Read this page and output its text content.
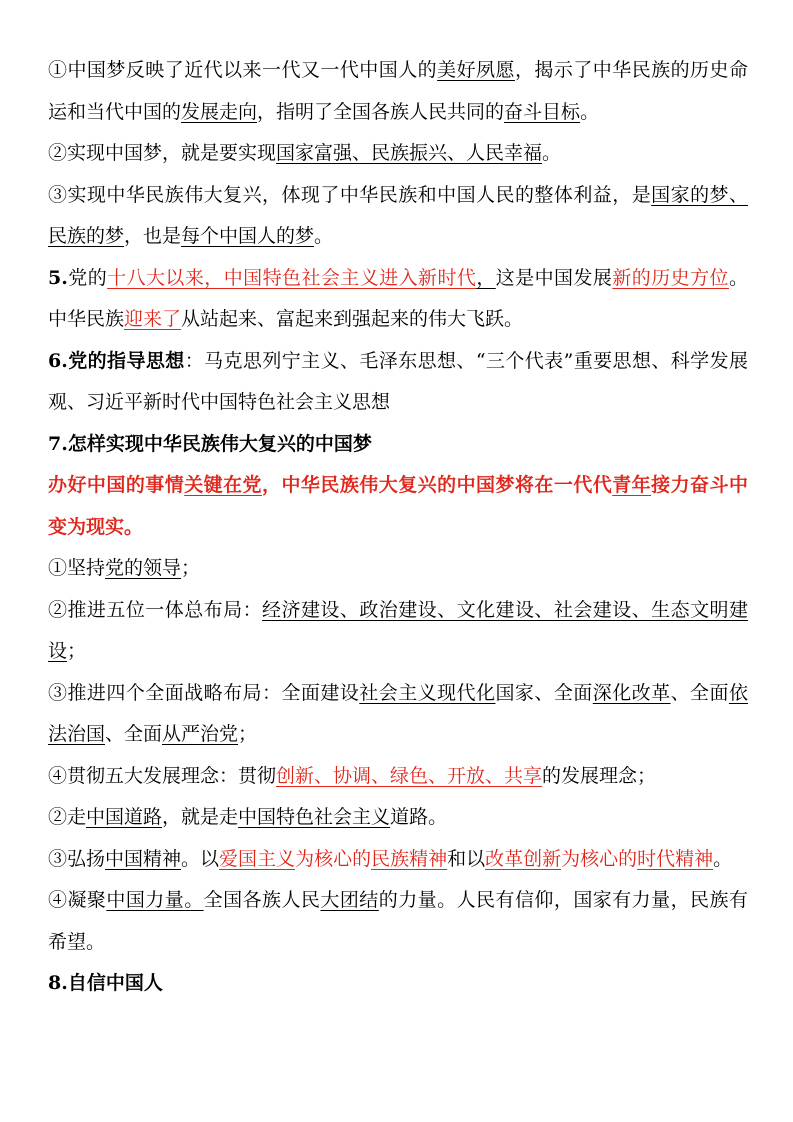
①中国梦反映了近代以来一代又一代中国人的美好夙愿，揭示了中华民族的历史命运和当代中国的发展走向，指明了全国各族人民共同的奋斗目标。

②实现中国梦，就是要实现国家富强、民族振兴、人民幸福。

③实现中华民族伟大复兴，体现了中华民族和中国人民的整体利益，是国家的梦、民族的梦，也是每个中国人的梦。

5.党的十八大以来，中国特色社会主义进入新时代，这是中国发展新的历史方位。中华民族迎来了从站起来、富起来到强起来的伟大飞跃。

6.党的指导思想：马克思列宁主义、毛泽东思想、“三个代表”重要思想、科学发展观、习近平新时代中国特色社会主义思想

7.怎样实现中华民族伟大复兴的中国梦

办好中国的事情关键在党，中华民族伟大复兴的中国梦将在一代代青年接力奋斗中变为现实。

①坚持党的领导；

②推进五位一体总布局：经济建设、政治建设、文化建设、社会建设、生态文明建设；

③推进四个全面战略布局：全面建设社会主义现代化国家、全面深化改革、全面依法治国、全面从严治党；

④贯彻五大发展理念：贯彻创新、协调、绿色、开放、共享的发展理念；

②走中国道路，就是走中国特色社会主义道路。

③弘扬中国精神。以爱国主义为核心的民族精神和以改革创新为核心的时代精神。

④凝聚中国力量。全国各族人民大团结的力量。人民有信仰，国家有力量，民族有希望。

8.自信中国人
